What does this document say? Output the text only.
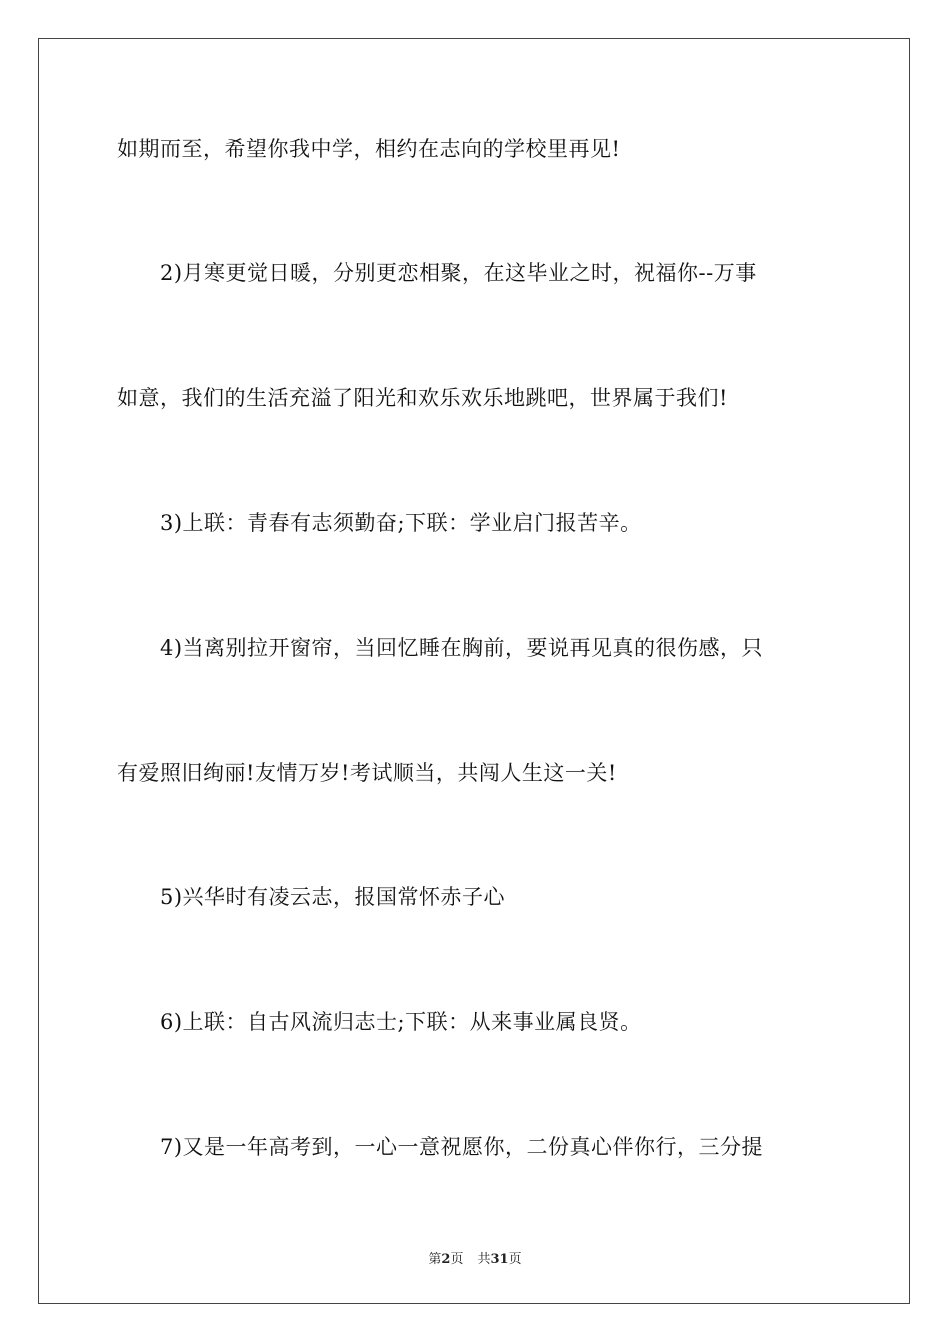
如期而至，希望你我中学，相约在志向的学校里再见!
2)月寒更觉日暖，分别更恋相聚，在这毕业之时，祝福你--万事
如意，我们的生活充溢了阳光和欢乐欢乐地跳吧，世界属于我们!
3)上联：青春有志须勤奋;下联：学业启门报苦辛。
4)当离别拉开窗帘，当回忆睡在胸前，要说再见真的很伤感，只
有爱照旧绚丽!友情万岁!考试顺当，共闯人生这一关!
5)兴华时有凌云志，报国常怀赤子心
6)上联：自古风流归志士;下联：从来事业属良贤。
7)又是一年高考到，一心一意祝愿你，二份真心伴你行，三分提
第2页 共31页
